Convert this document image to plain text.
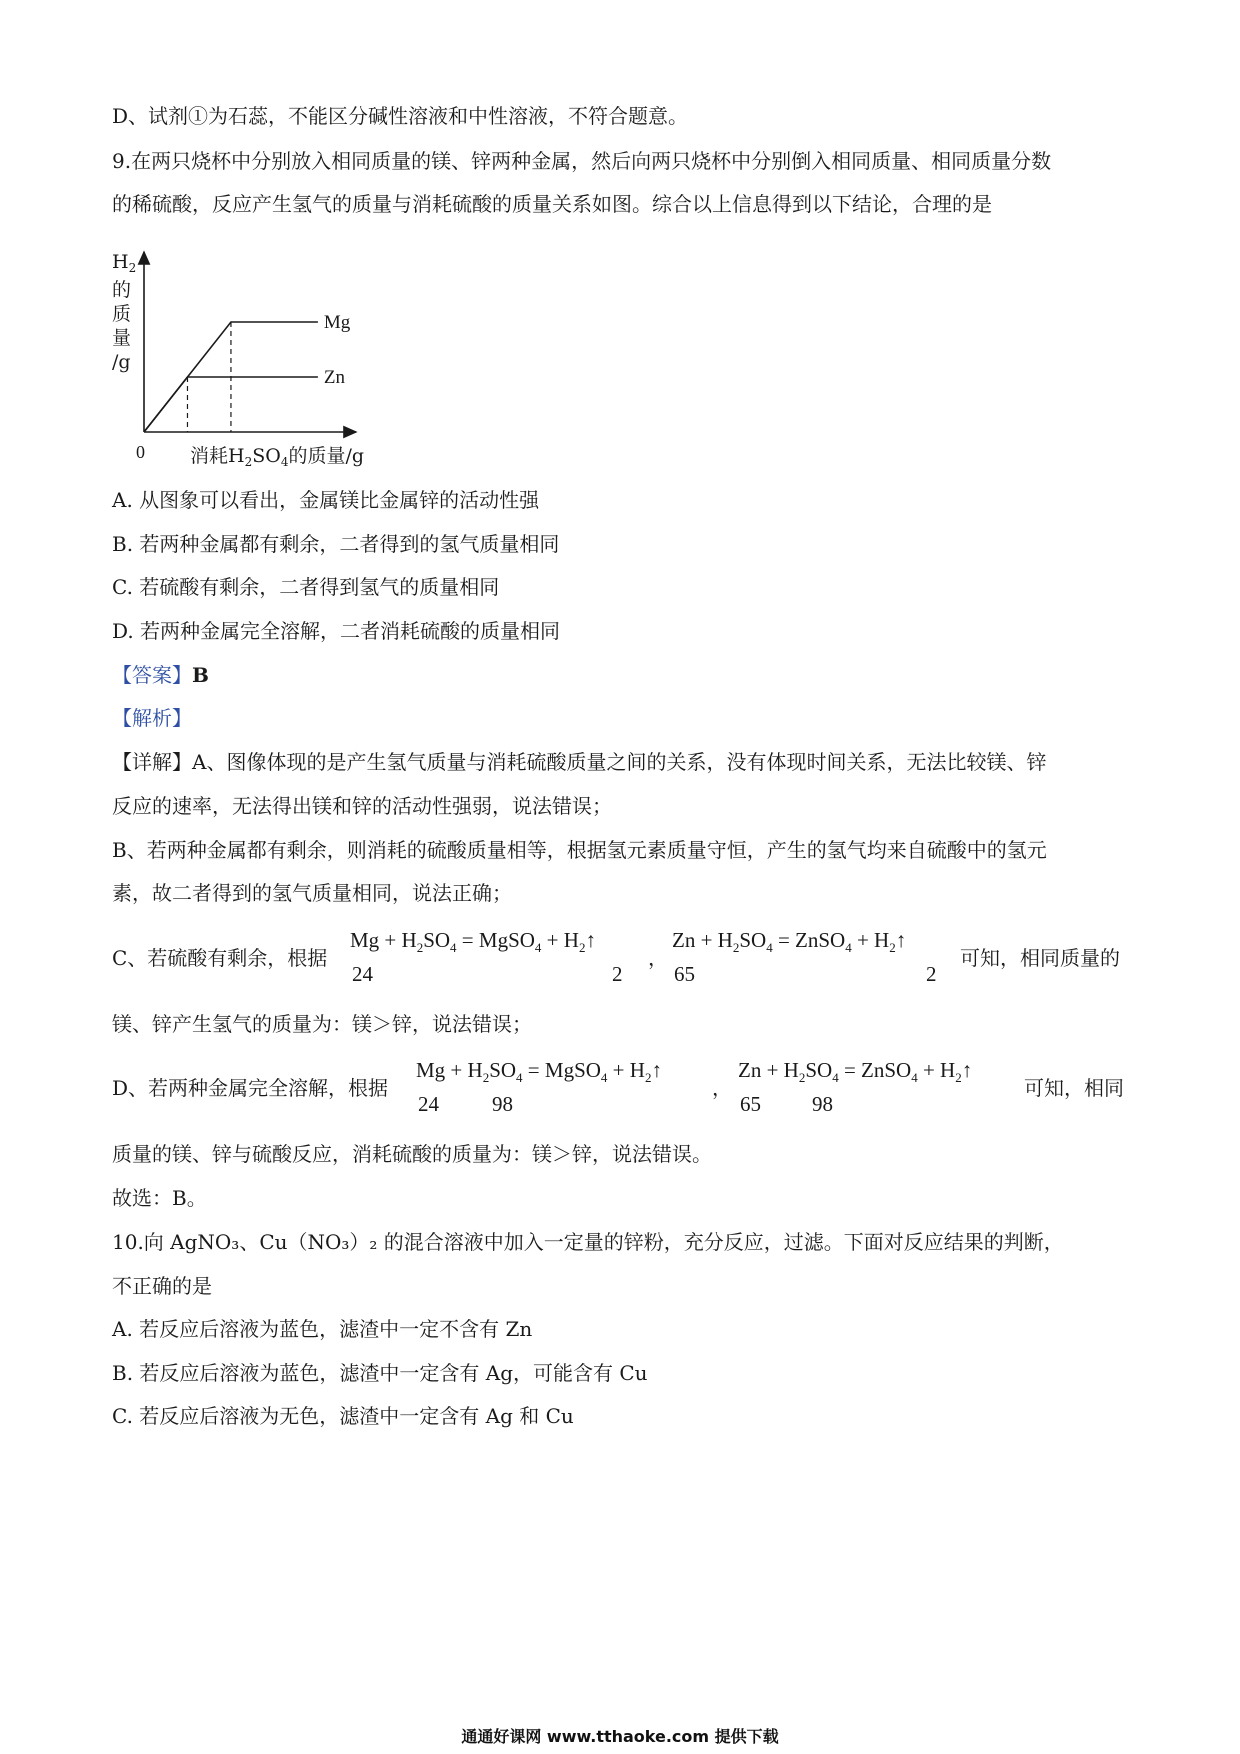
D、试剂①为石蕊，不能区分碱性溶液和中性溶液，不符合题意。
9.在两只烧杯中分别放入相同质量的镁、锌两种金属，然后向两只烧杯中分别倒入相同质量、相同质量分数
的稀硫酸，反应产生氢气的质量与消耗硫酸的质量关系如图。综合以上信息得到以下结论，合理的是
$H_2$
的
质
量
/g
0 消耗$H_2SO_4$的质量/g
Mg
Zn
A. 从图象可以看出，金属镁比金属锌的活动性强
B. 若两种金属都有剩余，二者得到的氢气质量相同
C. 若硫酸有剩余，二者得到氢气的质量相同
D. 若两种金属完全溶解，二者消耗硫酸的质量相同
【答案】B
【解析】
【详解】A、图像体现的是产生氢气质量与消耗硫酸质量之间的关系，没有体现时间关系，无法比较镁、锌
反应的速率，无法得出镁和锌的活动性强弱，说法错误；
B、若两种金属都有剩余，则消耗的硫酸质量相等，根据氢元素质量守恒，产生的氢气均来自硫酸中的氢元
素，故二者得到的氢气质量相同，说法正确；
C、若硫酸有剩余，根据
$Mg + H_2SO_4$ = MgSO$_4$ + $H_2↑$
24	2
，
$Zn + H_2SO_4$ = ZnSO$_4$ + $H_2↑$
65	2
可知，相同质量的
镁、锌产生氢气的质量为：镁＞锌，说法错误；
D、若两种金属完全溶解，根据
$Mg + H_2SO_4$ = MgSO$_4$ + $H_2↑$
24	98
，
$Zn + H_2SO_4$ = ZnSO$_4$ + $H_2↑$
65 98
可知，相同
质量的镁、锌与硫酸反应，消耗硫酸的质量为：镁＞锌，说法错误。
故选：B。
10.向 AgNO₃、Cu（NO₃）₂ 的混合溶液中加入一定量的锌粉，充分反应，过滤。下面对反应结果的判断，
不正确的是
A. 若反应后溶液为蓝色，滤渣中一定不含有 Zn
B. 若反应后溶液为蓝色，滤渣中一定含有 Ag，可能含有 Cu
C. 若反应后溶液为无色，滤渣中一定含有 Ag 和 Cu
通通好课网 www.tthaoke.com 提供下载
